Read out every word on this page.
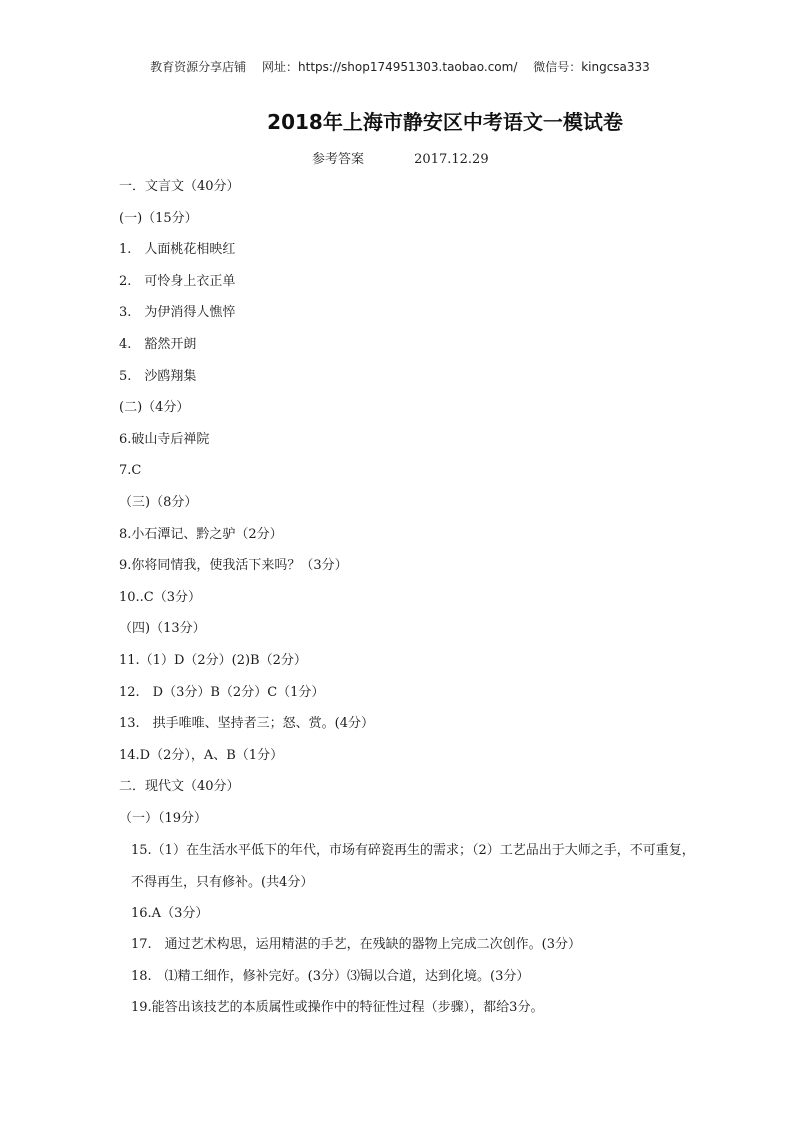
教育资源分享店铺 网址：https://shop174951303.taobao.com/ 微信号：kingcsa333
2018年上海市静安区中考语文一模试卷
参考答案	2017.12.29
一．文言文（40分）
(一)（15分）
1.　人面桃花相映红
2.　可怜身上衣正单
3.　为伊消得人憔悴
4.　豁然开朗
5.　沙鸥翔集
(二)（4分）
6.破山寺后禅院
7.C
（三)（8分）
8.小石潭记、黔之驴（2分）
9.你将同情我，使我活下来吗？（3分）
10..C（3分）
（四)（13分）
11.（1）D（2分）(2)B（2分）
12.　D（3分）B（2分）C（1分）
13.　拱手唯唯、坚持者三；怒、赏。(4分）
14.D（2分），A、B（1分）
二．现代文（40分）
（一）（19分）
15.（1）在生活水平低下的年代，市场有碎瓷再生的需求；（2）工艺品出于大师之手，不可重复，不得再生，只有修补。(共4分）
16.A（3分）
17.　通过艺术构思，运用精湛的手艺，在残缺的器物上完成二次创作。(3分）
18.　⑴精工细作，修补完好。(3分）⑶锔以合道，达到化境。(3分）
19.能答出该技艺的本质属性或操作中的特征性过程（步骤），都给3分。
